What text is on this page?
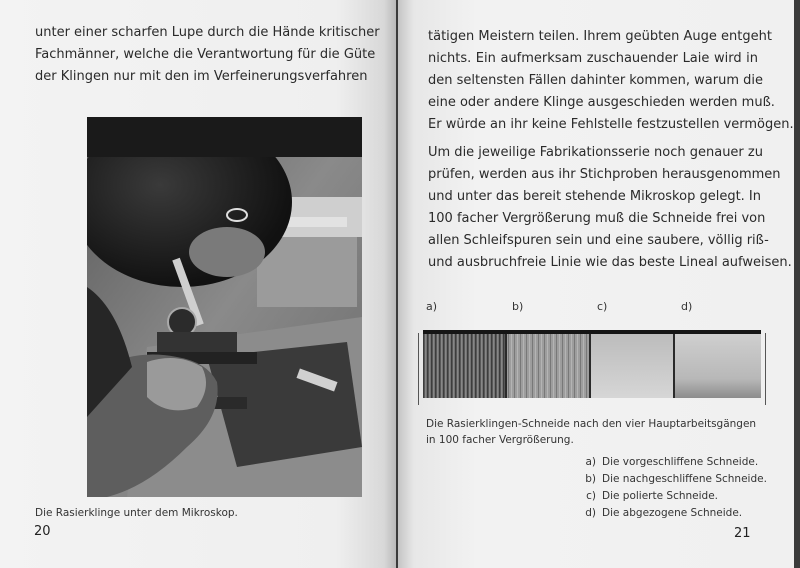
unter einer scharfen Lupe durch die Hände kritischer
Fachmänner, welche die Verantwortung für die Güte
der Klingen nur mit den im Verfeinerungsverfahren

Die Rasierklinge unter dem Mikroskop.
20

tätigen Meistern teilen. Ihrem geübten Auge entgeht
nichts. Ein aufmerksam zuschauender Laie wird in
den seltensten Fällen dahinter kommen, warum die
eine oder andere Klinge ausgeschieden werden muß.
Er würde an ihr keine Fehlstelle festzustellen vermögen.

Um die jeweilige Fabrikationsserie noch genauer zu
prüfen, werden aus ihr Stichproben herausgenommen
und unter das bereit stehende Mikroskop gelegt. In
100 facher Vergrößerung muß die Schneide frei von
allen Schleifspuren sein und eine saubere, völlig riß-
und ausbruchfreie Linie wie das beste Lineal aufweisen.

a)	b)	c)	d)
Die Rasierklingen-Schneide nach den vier Hauptarbeitsgängen
in 100 facher Vergrößerung.
a) Die vorgeschliffene Schneide.
b) Die nachgeschliffene Schneide.
c) Die polierte Schneide.
d) Die abgezogene Schneide.
21
